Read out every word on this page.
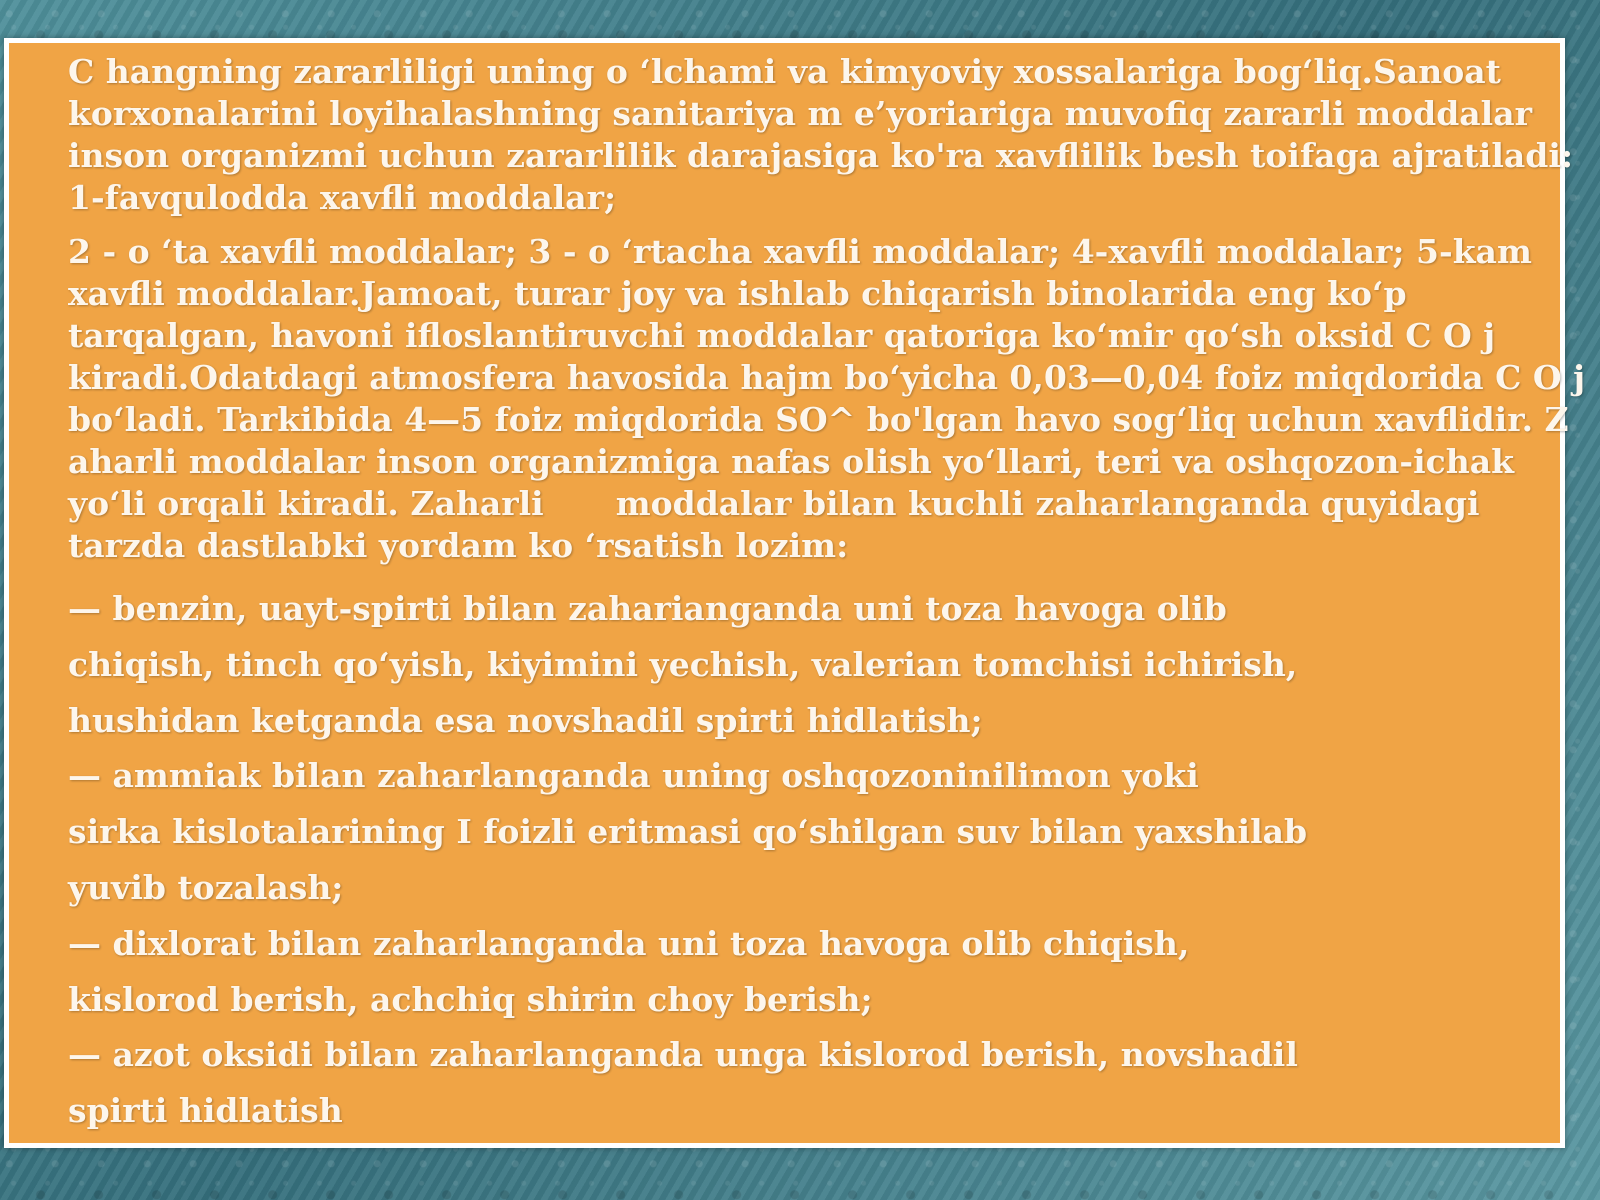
C hangning zararliligi uning o ‘lchami va kimyoviy xossalariga bog‘liq.Sanoat
korxonalarini loyihalashning sanitariya m e’yoriariga muvofiq zararli moddalar
inson organizmi uchun zararlilik darajasiga ko'ra xavflilik besh toifaga ajratiladi:
1-favqulodda xavfli moddalar;
2 - o ‘ta xavfli moddalar; 3 - o ‘rtacha xavfli moddalar; 4-xavfli moddalar; 5-kam
xavfli moddalar.Jamoat, turar joy va ishlab chiqarish binolarida eng ko‘p
tarqalgan, havoni ifloslantiruvchi moddalar qatoriga ko‘mir qo‘sh oksid C O j
kiradi.Odatdagi atmosfera havosida hajm bo‘yicha 0,03—0,04 foiz miqdorida C O j
bo‘ladi. Tarkibida 4—5 foiz miqdorida SO^ bo'lgan havo sog‘liq uchun xavflidir. Z
aharli moddalar inson organizmiga nafas olish yo‘llari, teri va oshqozon-ichak
yo‘li orqali kiradi. Zaharli moddalar bilan kuchli zaharlanganda quyidagi
tarzda dastlabki yordam ko ‘rsatish lozim:
— benzin, uayt-spirti bilan zaharianganda uni toza havoga olib
chiqish, tinch qo‘yish, kiyimini yechish, valerian tomchisi ichirish,
hushidan ketganda esa novshadil spirti hidlatish;
— ammiak bilan zaharlanganda uning oshqozoninilimon yoki
sirka kislotalarining I foizli eritmasi qo‘shilgan suv bilan yaxshilab
yuvib tozalash;
— dixlorat bilan zaharlanganda uni toza havoga olib chiqish,
kislorod berish, achchiq shirin choy berish;
— azot oksidi bilan zaharlanganda unga kislorod berish, novshadil
spirti hidlatish
